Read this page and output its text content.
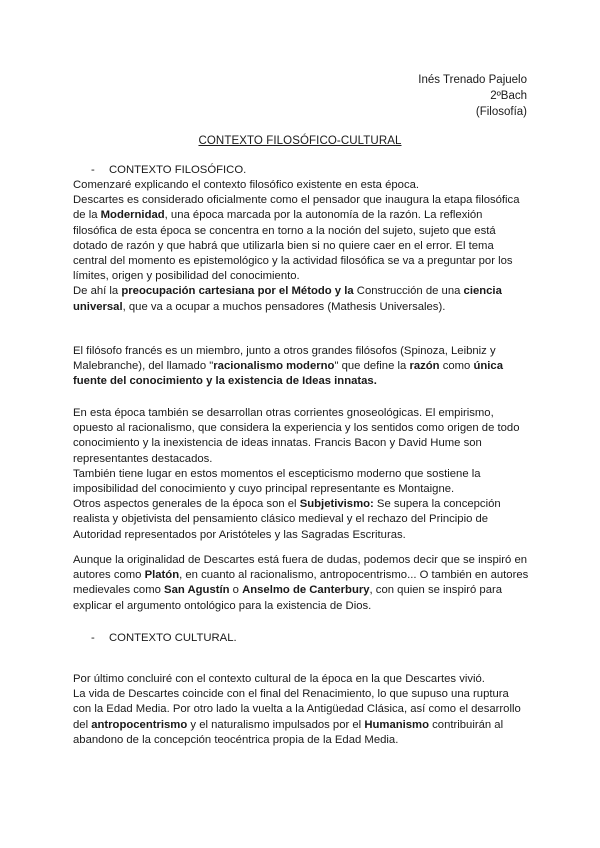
Inés Trenado Pajuelo
2ºBach
(Filosofía)
CONTEXTO FILOSÓFICO-CULTURAL
- CONTEXTO FILOSÓFICO.

Comenzaré explicando el contexto filosófico existente en esta época.

Descartes es considerado oficialmente como el pensador que inaugura la etapa filosófica de la Modernidad, una época marcada por la autonomía de la razón. La reflexión filosófica de esta época se concentra en torno a la noción del sujeto, sujeto que está dotado de razón y que habrá que utilizarla bien si no quiere caer en el error. El tema central del momento es epistemológico y la actividad filosófica se va a preguntar por los límites, origen y posibilidad del conocimiento.

De ahí la preocupación cartesiana por el Método y la Construcción de una ciencia universal, que va a ocupar a muchos pensadores (Mathesis Universales).

El filósofo francés es un miembro, junto a otros grandes filósofos (Spinoza, Leibniz y Malebranche), del llamado "racionalismo moderno" que define la razón como única fuente del conocimiento y la existencia de Ideas innatas.

En esta época también se desarrollan otras corrientes gnoseológicas. El empirismo, opuesto al racionalismo, que considera la experiencia y los sentidos como origen de todo conocimiento y la inexistencia de ideas innatas. Francis Bacon y David Hume son representantes destacados.

También tiene lugar en estos momentos el escepticismo moderno que sostiene la imposibilidad del conocimiento y cuyo principal representante es Montaigne.

Otros aspectos generales de la época son el Subjetivismo: Se supera la concepción realista y objetivista del pensamiento clásico medieval y el rechazo del Principio de Autoridad representados por Aristóteles y las Sagradas Escrituras.

Aunque la originalidad de Descartes está fuera de dudas, podemos decir que se inspiró en autores como Platón, en cuanto al racionalismo, antropocentrismo... O también en autores medievales como San Agustín o Anselmo de Canterbury, con quien se inspiró para explicar el argumento ontológico para la existencia de Dios.

- CONTEXTO CULTURAL.

Por último concluiré con el contexto cultural de la época en la que Descartes vivió.

La vida de Descartes coincide con el final del Renacimiento, lo que supuso una ruptura con la Edad Media. Por otro lado la vuelta a la Antigüedad Clásica, así como el desarrollo del antropocentrismo y el naturalismo impulsados por el Humanismo contribuirán al abandono de la concepción teocéntrica propia de la Edad Media.
